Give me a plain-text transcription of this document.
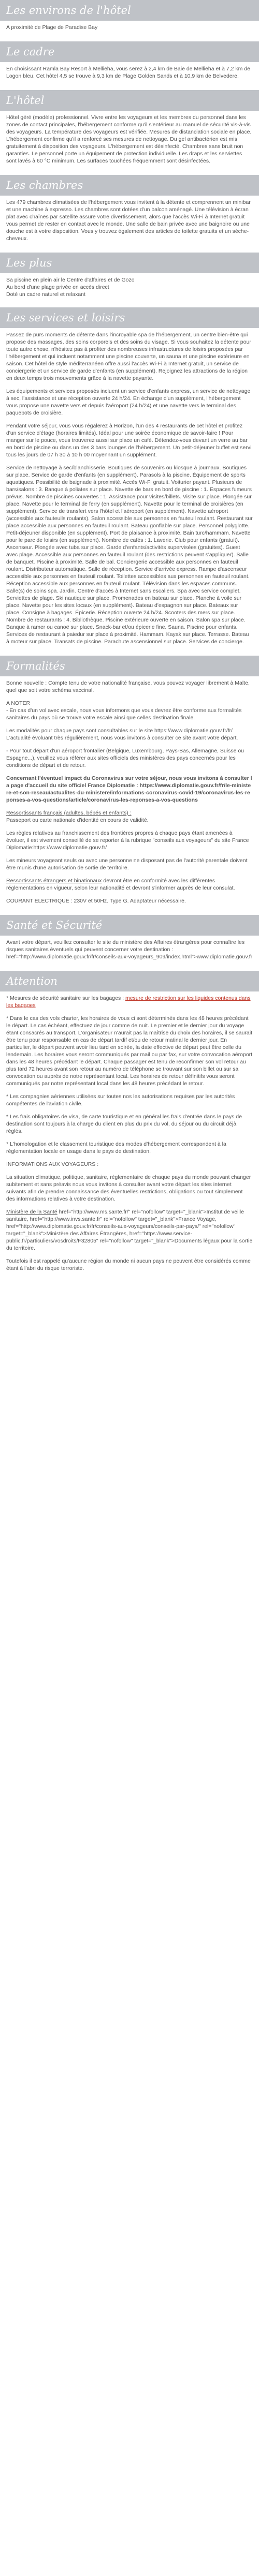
Les environs de l'hôtel

A proximité de Plage de Paradise Bay

Le cadre

En choisissant Ramla Bay Resort à Mellieħa, vous serez à 2,4 km de Baie de Mellieħa et à 7,2 km de Logon bleu. Cet hôtel 4,5 se trouve à 9,3 km de Plage Golden Sands et à 10,9 km de Belvedere.

L'hôtel

Hôtel géré (modèle) professionnel. Vivre entre les voyageurs et les membres du personnel dans les zones de contact principales, l'hébergement conforme qu'il s'entérieur au manuel de sécurité vis-à-vis des voyageurs. La température des voyageurs est vérifiée. Mesures de distanciation sociale en place. L'hébergement confirme qu'il a renforcé ses mesures de nettoyage. Du gel antibactérien est mis gratuitement à disposition des voyageurs. L'hébergement est désinfecté. Chambres sans bruit non garanties. Le personnel porte un équipement de protection individuelle. Les draps et les serviettes sont lavés à 60 °C minimum. Les surfaces touchées fréquemment sont désinfectées.

Les chambres

Les 479 chambres climatisées de l'hébergement vous invitent à la détente et comprennent un minibar et une machine à expresso. Les chambres sont dotées d'un balcon aménagé. Une télévision à écran plat avec chaînes par satellite assure votre divertissement, alors que l'accès Wi-Fi à Internet gratuit vous permet de rester en contact avec le monde. Une salle de bain privée avec une baignoire ou une douche est à votre disposition. Vous y trouvez également des articles de toilette gratuits et un sèche-cheveux.

Les plus
Sa piscine en plein air le Centre d'affaires et de Gozo
Au bord d'une plage privée en accès direct
Doté un cadre naturel et relaxant
Les services et loisirs

Passez de purs moments de détente dans l'incroyable spa de l'hébergement, un centre bien-être qui propose des massages, des soins corporels et des soins du visage. Si vous souhaitez la détente pour toute autre chose, n'hésitez pas à profiter des nombreuses infrastructures de loisirs proposées par l'hébergement et qui incluent notamment une piscine couverte, un sauna et une piscine extérieure en saison. Cet hôtel de style méditerranéen offre aussi l'accès Wi-Fi à Internet gratuit, un service de conciergerie et un service de garde d'enfants (en supplément). Rejoignez les attractions de la région en deux temps trois mouvements grâce à la navette payante.

Les équipements et services proposés incluent un service d'enfants express, un service de nettoyage à sec, l'assistance et une réception ouverte 24 h/24. En échange d'un supplément, l'hébergement vous propose une navette vers et depuis l'aéroport (24 h/24) et une navette vers le terminal des paquebots de croisière.

Pendant votre séjour, vous vous régalerez à Horizon, l'un des 4 restaurants de cet hôtel et profitez d'un service d'étage (horaires limités). Idéal pour une soirée économique de savoir-faire ! Pour manger sur le pouce, vous trouverez aussi sur place un café. Détendez-vous devant un verre au bar en bord de piscine ou dans un des 3 bars lounges de l'hébergement. Un petit-déjeuner buffet est servi tous les jours de 07 h 30 à 10 h 00 moyennant un supplément.

Service de nettoyage à sec/blanchisserie. Boutiques de souvenirs ou kiosque à journaux. Boutiques sur place. Service de garde d'enfants (en supplément). Parasols à la piscine. Équipement de sports aquatiques. Possibilité de baignade à proximité. Accès Wi-Fi gratuit. Voiturier payant. Plusieurs de bars/salons : 3. Banque à poliates sur place. Navette de bars en bord de piscine : 1. Espaces fumeurs prévus. Nombre de piscines couvertes : 1. Assistance pour visites/billets. Visite sur place. Plongée sur place. Navette pour le terminal de ferry (en supplément). Navette pour le terminal de croisières (en supplément). Service de transfert vers l'hôtel et l'aéroport (en supplément). Navette aéroport (accessible aux fauteuils roulants). Salon accessible aux personnes en fauteuil roulant. Restaurant sur place accessible aux personnes en fauteuil roulant. Bateau gonflable sur place. Personnel polyglotte. Petit-déjeuner disponible (en supplément). Port de plaisance à proximité. Bain turc/hammam. Navette pour le parc de loisirs (en supplément). Nombre de cafés : 1. Laverie. Club pour enfants (gratuit). Ascenseur. Plongée avec tuba sur place. Garde d'enfants/activités supervisées (gratuites). Guest avec plage. Accessible aux personnes en fauteuil roulant (des restrictions peuvent s'appliquer). Salle de banquet. Piscine à proximité. Salle de bal. Conciergerie accessible aux personnes en fauteuil roulant. Distributeur automatique. Salle de réception. Service d'arrivée express. Rampe d'ascenseur accessible aux personnes en fauteuil roulant. Toilettes accessibles aux personnes en fauteuil roulant. Réception accessible aux personnes en fauteuil roulant. Télévision dans les espaces communs. Salle(s) de soins spa. Jardin. Centre d'accès à Internet sans escaliers. Spa avec service complet. Serviettes de plage. Ski nautique sur place. Promenades en bateau sur place. Planche à voile sur place. Navette pour les sites locaux (en supplément). Bateau d'espagnon sur place. Bateaux sur place. Consigne à bagages. Épicerie. Réception ouverte 24 h/24. Scooters des mers sur place. Nombre de restaurants : 4. Bibliothèque. Piscine extérieure ouverte en saison. Salon spa sur place. Banque à ramer ou canoë sur place. Snack-bar et/ou épicerie fine. Sauna. Piscine pour enfants. Services de restaurant à paiedur sur place à proximité. Hammam. Kayak sur place. Terrasse. Bateau à moteur sur place. Transats de piscine. Parachute ascensionnel sur place. Services de concierge.

Formalités

Bonne nouvelle : Compte tenu de votre nationalité française, vous pouvez voyager librement à Malte, quel que soit votre schéma vaccinal.

A NOTER

- En cas d'un vol avec escale, nous vous informons que vous devrez être conforme aux formalités sanitaires du pays où se trouve votre escale ainsi que celles destination finale.

Les modalités pour chaque pays sont consultables sur le site https://www.diplomatie.gouv.fr/fr/ L'actualité évoluant très régulièrement, nous vous invitons à consulter ce site avant votre départ.

- Pour tout départ d'un aéroport frontalier (Belgique, Luxembourg, Pays-Bas, Allemagne, Suisse ou Espagne...), veuillez vous référer aux sites officiels des ministères des pays concernés pour les conditions de départ et de retour.

Concernant l'éventuel impact du Coronavirus sur votre séjour, nous vous invitons à consulter la page d'accueil du site officiel France Diplomatie : https://www.diplomatie.gouv.fr/fr/le-ministere-et-son-reseau/actualites-du-ministere/informations-coronavirus-covid-19/coronavirus-les-reponses-a-vos-questions/article/coronavirus-les-reponses-a-vos-questions

Ressortissants français (adultes, bébés et enfants) :

Passeport ou carte nationale d'identité en cours de validité.

Les règles relatives au franchissement des frontières propres à chaque pays étant amenées à évoluer, il est vivement conseillé de se reporter à la rubrique "conseils aux voyageurs" du site France Diplomatie:https://www.diplomatie.gouv.fr/

Les mineurs voyageant seuls ou avec une personne ne disposant pas de l'autorité parentale doivent être munis d'une autorisation de sortie de territoire.

Ressortissants étrangers et binationaux devront être en conformité avec les différentes réglementations en vigueur, selon leur nationalité et devront s'informer auprès de leur consulat.

COURANT ELECTRIQUE : 230V et 50Hz. Type G. Adaptateur nécessaire.

Santé et Sécurité

Avant votre départ, veuillez consulter le site du ministère des Affaires étrangères pour connaître les risques sanitaires éventuels qui peuvent concerner votre destination : href="http://www.diplomatie.gouv.fr/fr/conseils-aux-voyageurs_909/index.html">www.diplomatie.gouv.fr

Attention

* Mesures de sécurité sanitaire sur les bagages : mesure de restriction sur les liquides contenus dans les bagages

* Dans le cas des vols charter, les horaires de vous ci sont déterminés dans les 48 heures précédant le départ. Le cas échéant, effectuez de jour comme de nuit. Le premier et le dernier jour du voyage étant consacrés au transport, L'organisateur n'aurait pas la maîtrise du choix des horaires, il se saurait être tenu pour responsable en cas de départ tardif et/ou de retour matinal le dernier jour. En particulier, le départ peuvent avoir lieu tard en soirée, la date effective de départ peut être celle du lendemain. Les horaires vous seront communiqués par mail ou par fax, sur votre convocation aéroport dans les 48 heures précédant le départ. Chaque passager est tenu de reconfirmer son vol retour au plus tard 72 heures avant son retour au numéro de téléphone se trouvant sur son billet ou sur sa convocation ou auprès de notre représentant local. Les horaires de retour définitifs vous seront communiqués par notre représentant local dans les 48 heures précédant le retour.

* Les compagnies aériennes utilisées sur toutes nos les autorisations requises par les autorités compétentes de l'aviation civile.

* Les frais obligatoires de visa, de carte touristique et en général les frais d'entrée dans le pays de destination sont toujours à la charge du client en plus du prix du vol, du séjour ou du circuit déjà réglés.

* L'homologation et le classement touristique des modes d'hébergement correspondent à la réglementation locale en usage dans le pays de destination.

INFORMATIONS AUX VOYAGEURS :

La situation climatique, politique, sanitaire, réglementaire de chaque pays du monde pouvant changer subitement et sans préavis nous vous invitons à consulter avant votre départ les sites internet suivants afin de prendre connaissance des éventuelles restrictions, obligations ou tout simplement des informations relatives à votre destination.

Ministère de la Santé href="http://www.ms.sante.fr/" rel="nofollow" target="_blank">Institut de veille sanitaire, href="http://www.invs.sante.fr" rel="nofollow" target="_blank">France Voyage, href="http://www.diplomatie.gouv.fr/fr/conseils-aux-voyageurs/conseils-par-pays/" rel="nofollow" target="_blank">Ministère des Affaires Étrangères, href="https://www.service-public.fr/particuliers/vosdroits/F32805" rel="nofollow" target="_blank">Documents légaux pour la sortie du territoire.

Toutefois il est rappelé qu'aucune région du monde ni aucun pays ne peuvent être considérés comme étant à l'abri du risque terroriste.
